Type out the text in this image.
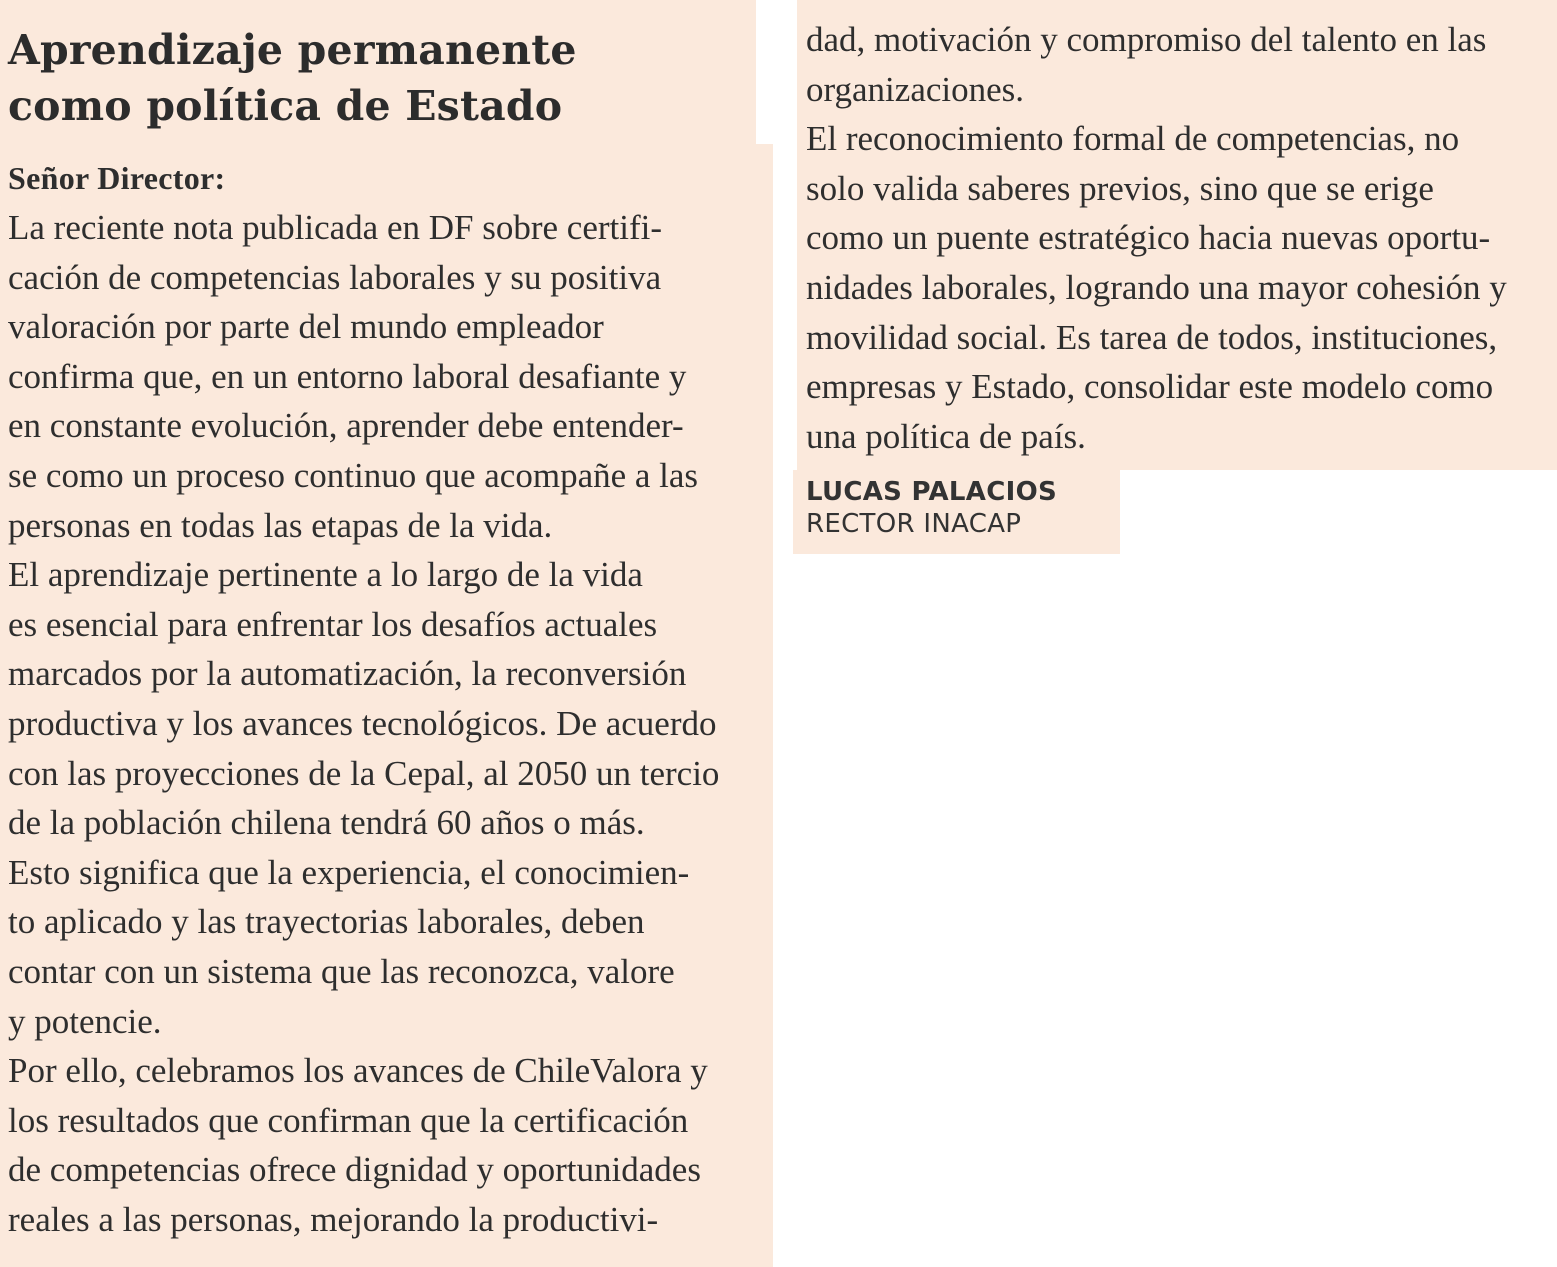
Aprendizaje permanente
como política de Estado
Señor Director:
La reciente nota publicada en DF sobre certifi-
cación de competencias laborales y su positiva
valoración por parte del mundo empleador
confirma que, en un entorno laboral desafiante y
en constante evolución, aprender debe entender-
se como un proceso continuo que acompañe a las
personas en todas las etapas de la vida.
El aprendizaje pertinente a lo largo de la vida
es esencial para enfrentar los desafíos actuales
marcados por la automatización, la reconversión
productiva y los avances tecnológicos. De acuerdo
con las proyecciones de la Cepal, al 2050 un tercio
de la población chilena tendrá 60 años o más.
Esto significa que la experiencia, el conocimien-
to aplicado y las trayectorias laborales, deben
contar con un sistema que las reconozca, valore
y potencie.
Por ello, celebramos los avances de ChileValora y
los resultados que confirman que la certificación
de competencias ofrece dignidad y oportunidades
reales a las personas, mejorando la productivi-
dad, motivación y compromiso del talento en las
organizaciones.
El reconocimiento formal de competencias, no
solo valida saberes previos, sino que se erige
como un puente estratégico hacia nuevas oportu-
nidades laborales, logrando una mayor cohesión y
movilidad social. Es tarea de todos, instituciones,
empresas y Estado, consolidar este modelo como
una política de país.
LUCAS PALACIOS
RECTOR INACAP
